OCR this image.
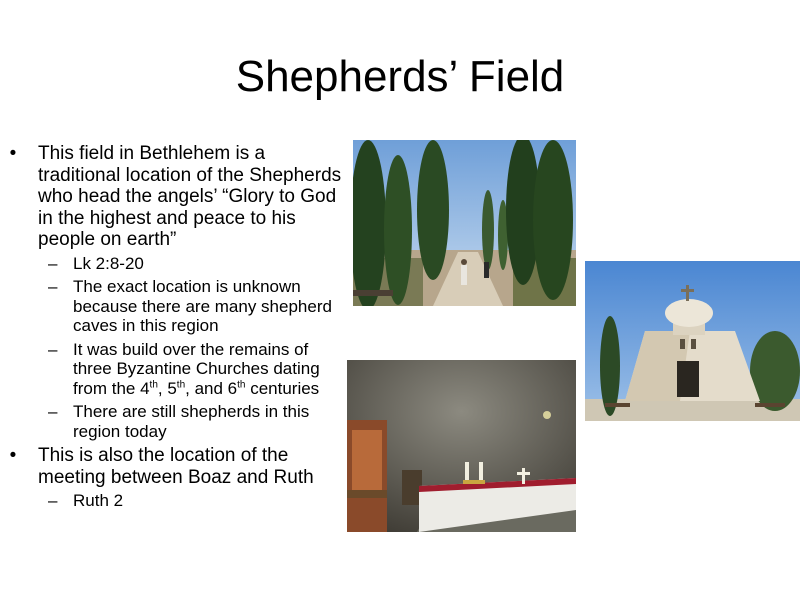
Shepherds’ Field
• This field in Bethlehem is a traditional location of the Shepherds who head the angels’ “Glory to God in the highest and peace to his people on earth”
– Lk 2:8-20
– The exact location is unknown because there are many shepherd caves in this region
– It was build over the remains of three Byzantine Churches dating from the 4th, 5th, and 6th centuries
– There are still shepherds in this region today
• This is also the location of the meeting between Boaz and Ruth
– Ruth 2
